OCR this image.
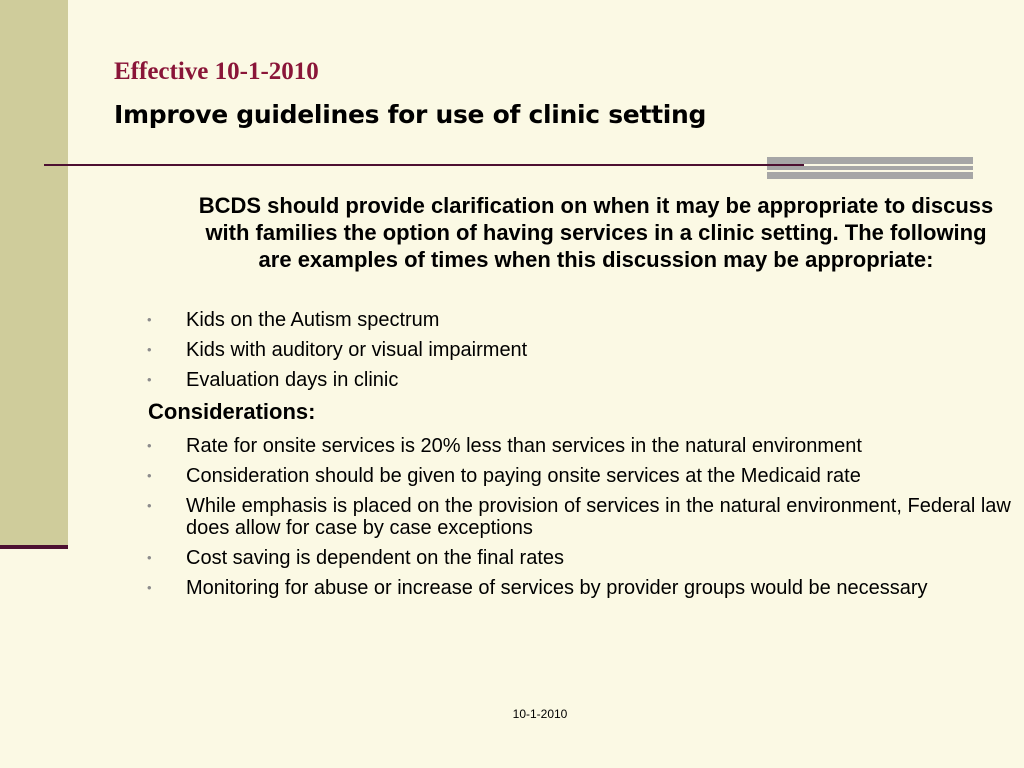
Effective 10-1-2010
Improve guidelines for use of clinic setting

BCDS should provide clarification on when it may be appropriate to discuss with families the option of having services in a clinic setting. The following are examples of times when this discussion may be appropriate:

• Kids on the Autism spectrum
• Kids with auditory or visual impairment
• Evaluation days in clinic

Considerations:

• Rate for onsite services is 20% less than services in the natural environment
• Consideration should be given to paying onsite services at the Medicaid rate
• While emphasis is placed on the provision of services in the natural environment, Federal law does allow for case by case exceptions
• Cost saving is dependent on the final rates
• Monitoring for abuse or increase of services by provider groups would be necessary

10-1-2010
